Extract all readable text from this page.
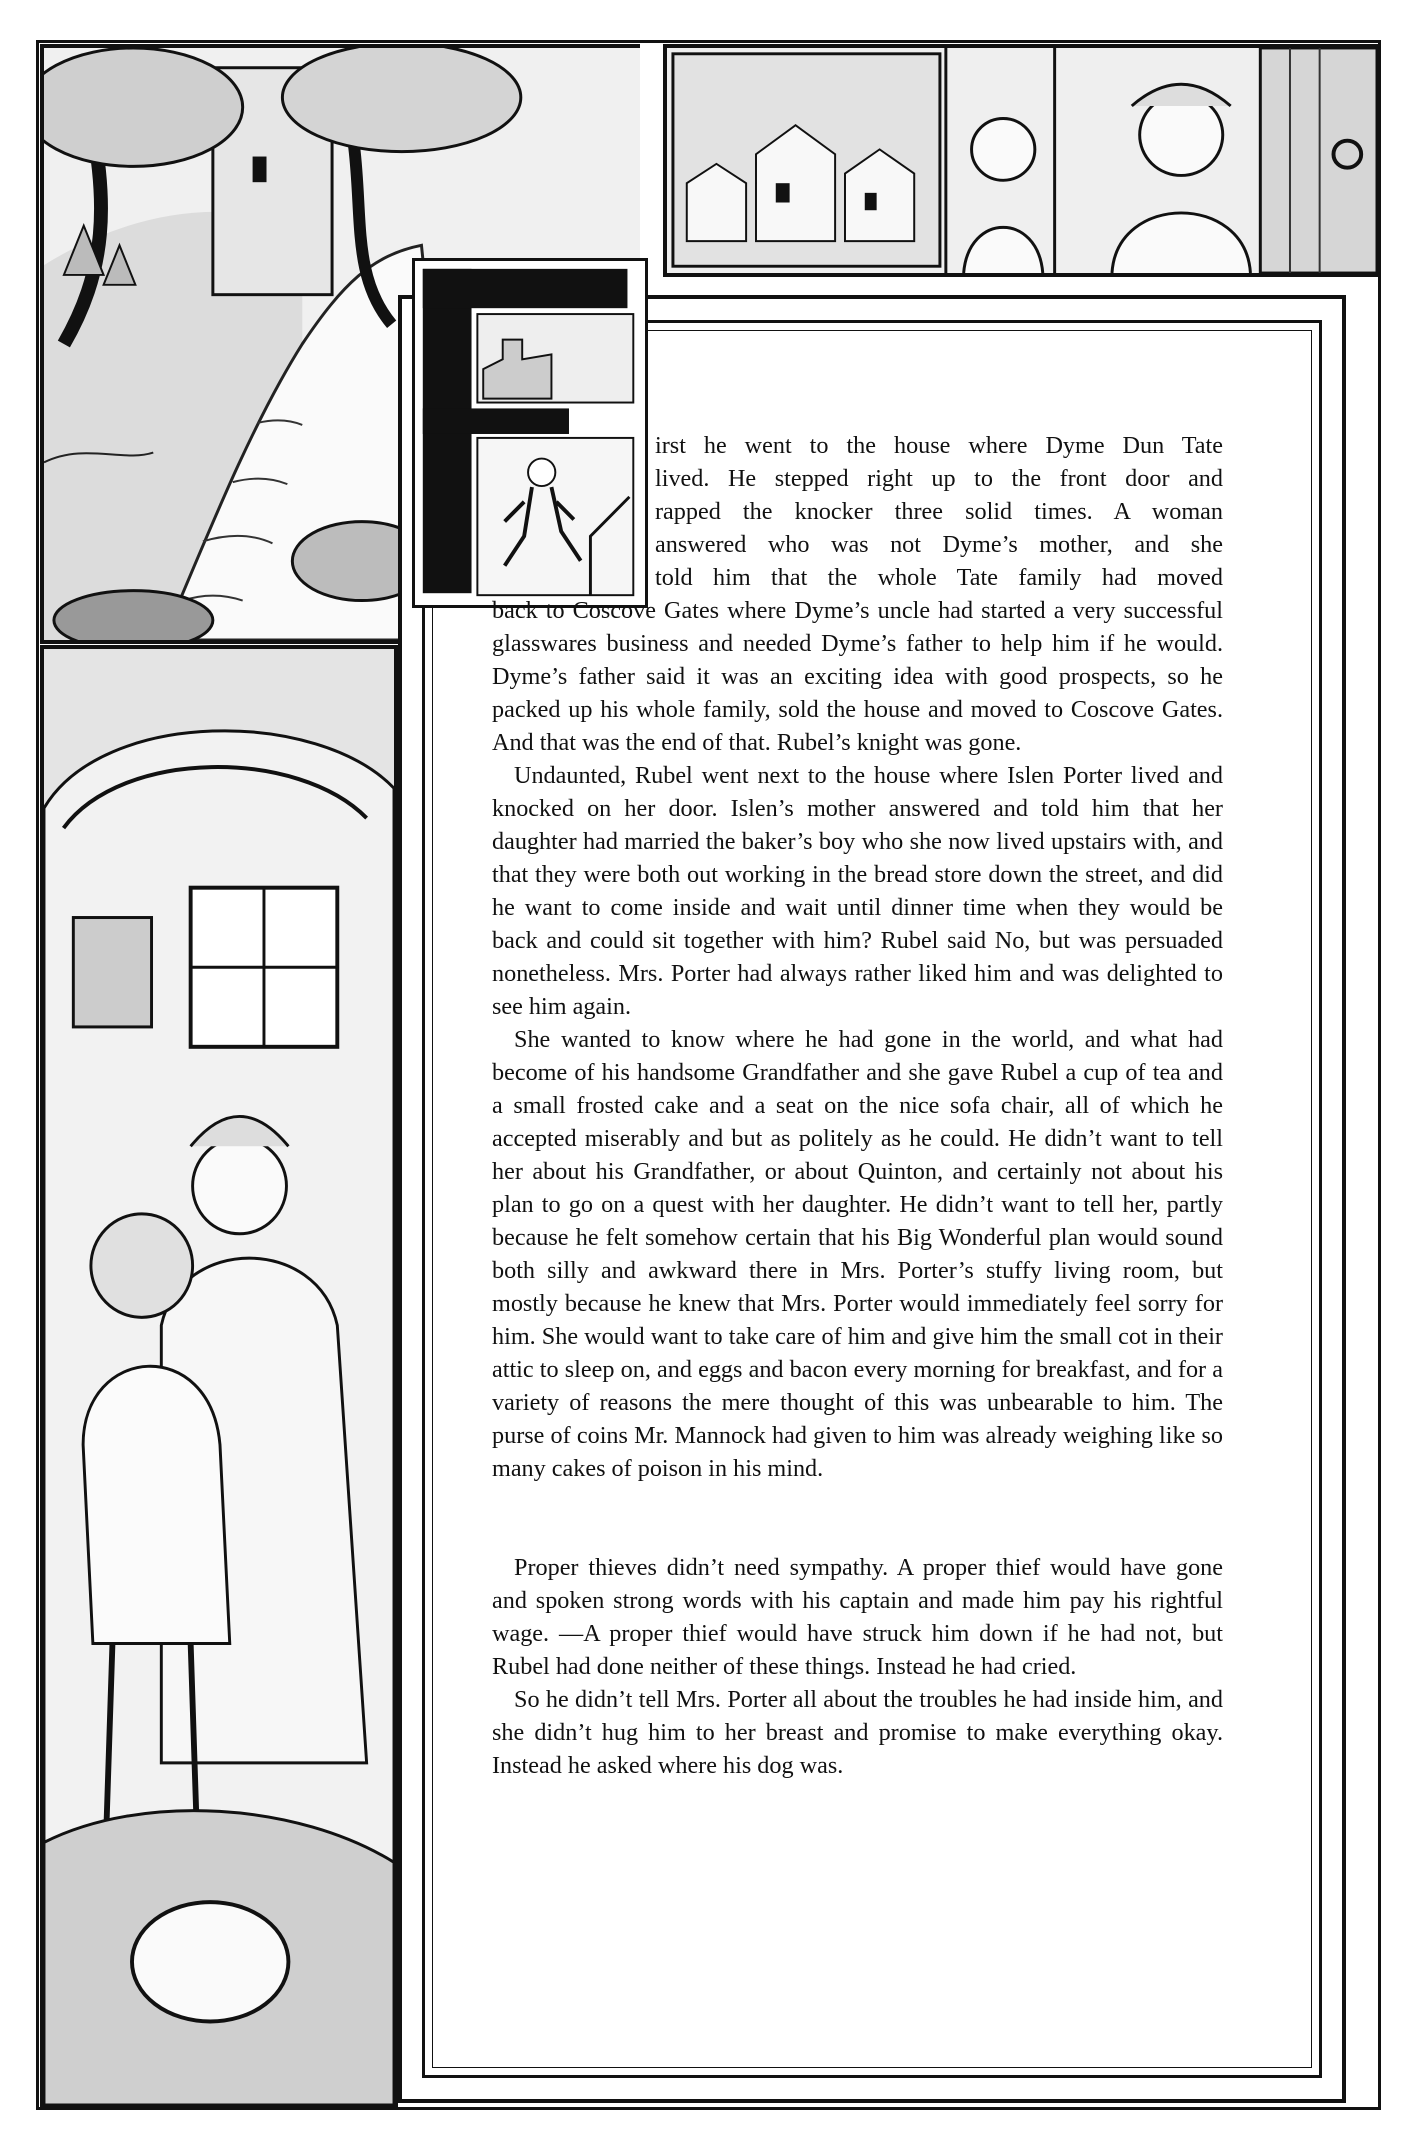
irst he went to the house where Dyme Dun Tate

lived. He stepped right up to the front door and

rapped the knocker three solid times. A woman

answered who was not Dyme’s mother, and she

told him that the whole Tate family had moved

back to Coscove Gates where Dyme’s uncle had started a very successful glasswares business and needed Dyme’s father to help him if he would. Dyme’s father said it was an exciting idea with good prospects, so he packed up his whole family, sold the house and moved to Coscove Gates. And that was the end of that. Rubel’s knight was gone.

Undaunted, Rubel went next to the house where Islen Porter lived and knocked on her door. Islen’s mother answered and told him that her daughter had married the baker’s boy who she now lived upstairs with, and that they were both out working in the bread store down the street, and did he want to come inside and wait until dinner time when they would be back and could sit together with him? Rubel said No, but was persuaded nonetheless. Mrs. Porter had always rather liked him and was delighted to see him again.

She wanted to know where he had gone in the world, and what had become of his handsome Grandfather and she gave Rubel a cup of tea and a small frosted cake and a seat on the nice sofa chair, all of which he accepted miserably and but as politely as he could. He didn’t want to tell her about his Grandfather, or about Quinton, and certainly not about his plan to go on a quest with her daughter. He didn’t want to tell her, partly because he felt somehow certain that his Big Wonderful plan would sound both silly and awkward there in Mrs. Porter’s stuffy living room, but mostly because he knew that Mrs. Porter would immediately feel sorry for him. She would want to take care of him and give him the small cot in their attic to sleep on, and eggs and bacon every morning for breakfast, and for a variety of reasons the mere thought of this was unbearable to him. The purse of coins Mr. Mannock had given to him was already weighing like so many cakes of poison in his mind.

Proper thieves didn’t need sympathy. A proper thief would have gone and spoken strong words with his captain and made him pay his rightful wage. —A proper thief would have struck him down if he had not, but Rubel had done neither of these things. Instead he had cried.

So he didn’t tell Mrs. Porter all about the troubles he had inside him, and she didn’t hug him to her breast and promise to make everything okay. Instead he asked where his dog was.
